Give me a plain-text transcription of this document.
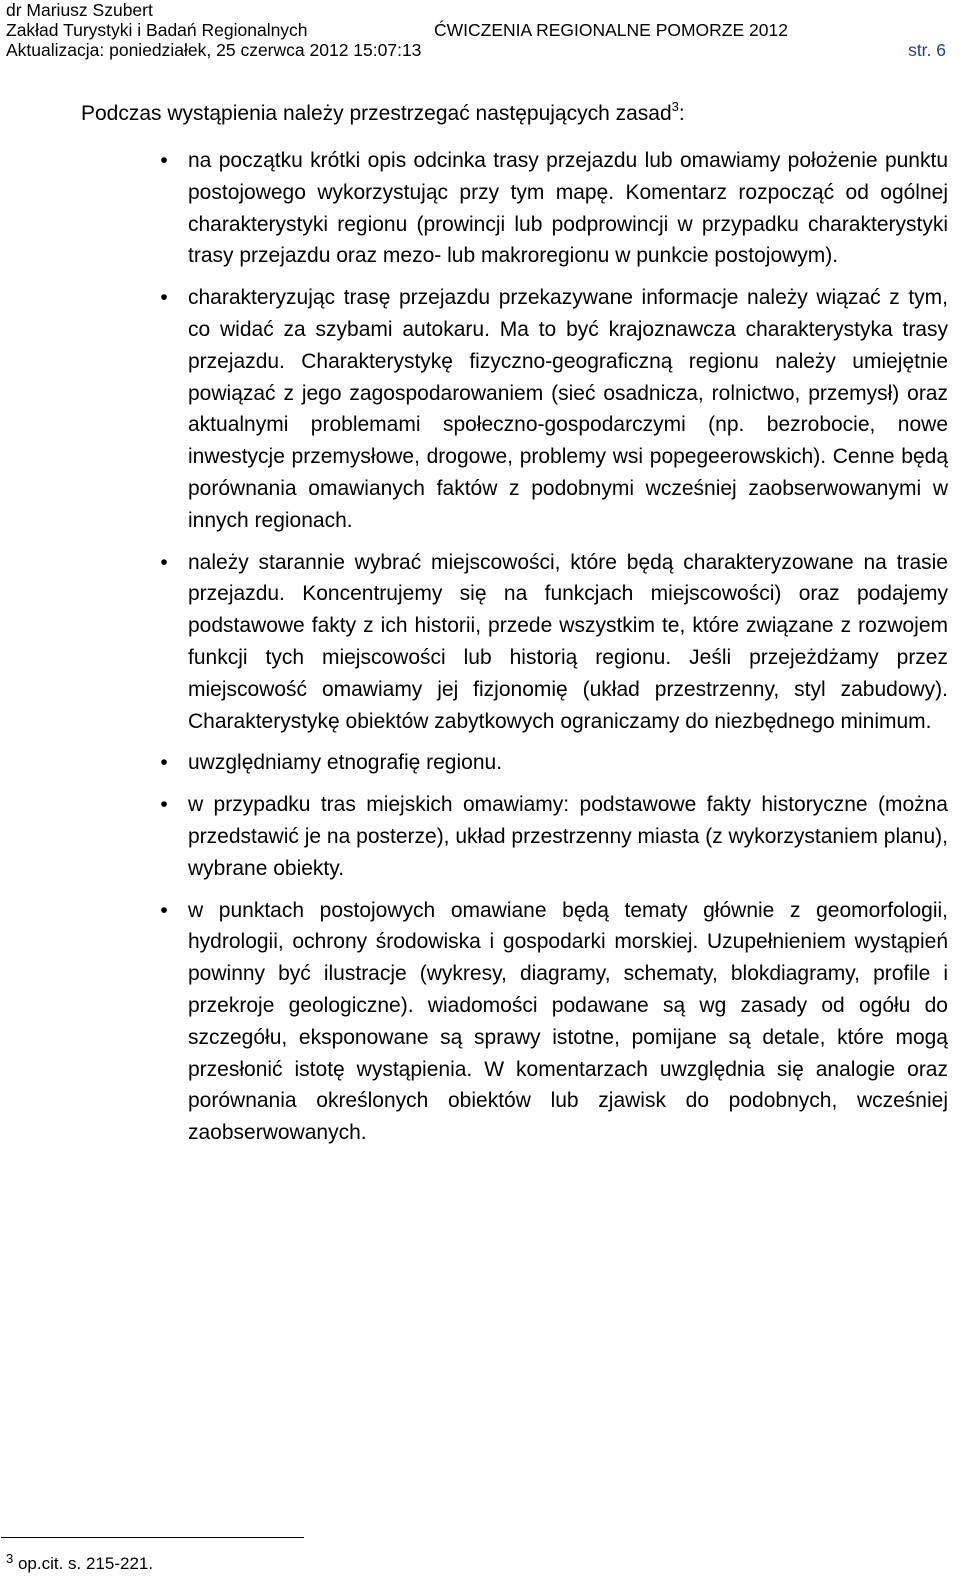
dr Mariusz Szubert
Zakład Turystyki i Badań Regionalnych	ĆWICZENIA REGIONALNE POMORZE 2012
Aktualizacja: poniedziałek, 25 czerwca 2012 15:07:13	str. 6
Podczas wystąpienia należy przestrzegać następujących zasad$^3$:
• na początku krótki opis odcinka trasy przejazdu lub omawiamy położenie punktu postojowego wykorzystując przy tym mapę. Komentarz rozpocząć od ogólnej charakterystyki regionu (prowincji lub podprowincji w przypadku charakterystyki trasy przejazdu oraz mezo- lub makroregionu w punkcie postojowym).
• charakteryzując trasę przejazdu przekazywane informacje należy wiązać z tym, co widać za szybami autokaru. Ma to być krajoznawcza charakterystyka trasy przejazdu. Charakterystykę fizyczno-geograficzną regionu należy umiejętnie powiązać z jego zagospodarowaniem (sieć osadnicza, rolnictwo, przemysł) oraz aktualnymi problemami społeczno-gospodarczymi (np. bezrobocie, nowe inwestycje przemysłowe, drogowe, problemy wsi popegeerowskich). Cenne będą porównania omawianych faktów z podobnymi wcześniej zaobserwowanymi w innych regionach.
• należy starannie wybrać miejscowości, które będą charakteryzowane na trasie przejazdu. Koncentrujemy się na funkcjach miejscowości) oraz podajemy podstawowe fakty z ich historii, przede wszystkim te, które związane z rozwojem funkcji tych miejscowości lub historią regionu. Jeśli przejeżdżamy przez miejscowość omawiamy jej fizjonomię (układ przestrzenny, styl zabudowy). Charakterystykę obiektów zabytkowych ograniczamy do niezbędnego minimum.
• uwzględniamy etnografię regionu.
• w przypadku tras miejskich omawiamy: podstawowe fakty historyczne (można przedstawić je na posterze), układ przestrzenny miasta (z wykorzystaniem planu), wybrane obiekty.
• w punktach postojowych omawiane będą tematy głównie z geomorfologii, hydrologii, ochrony środowiska i gospodarki morskiej. Uzupełnieniem wystąpień powinny być ilustracje (wykresy, diagramy, schematy, blokdiagramy, profile i przekroje geologiczne). wiadomości podawane są wg zasady od ogółu do szczegółu, eksponowane są sprawy istotne, pomijane są detale, które mogą przesłonić istotę wystąpienia. W komentarzach uwzględnia się analogie oraz porównania określonych obiektów lub zjawisk do podobnych, wcześniej zaobserwowanych.
$^3$ op.cit. s. 215-221.
